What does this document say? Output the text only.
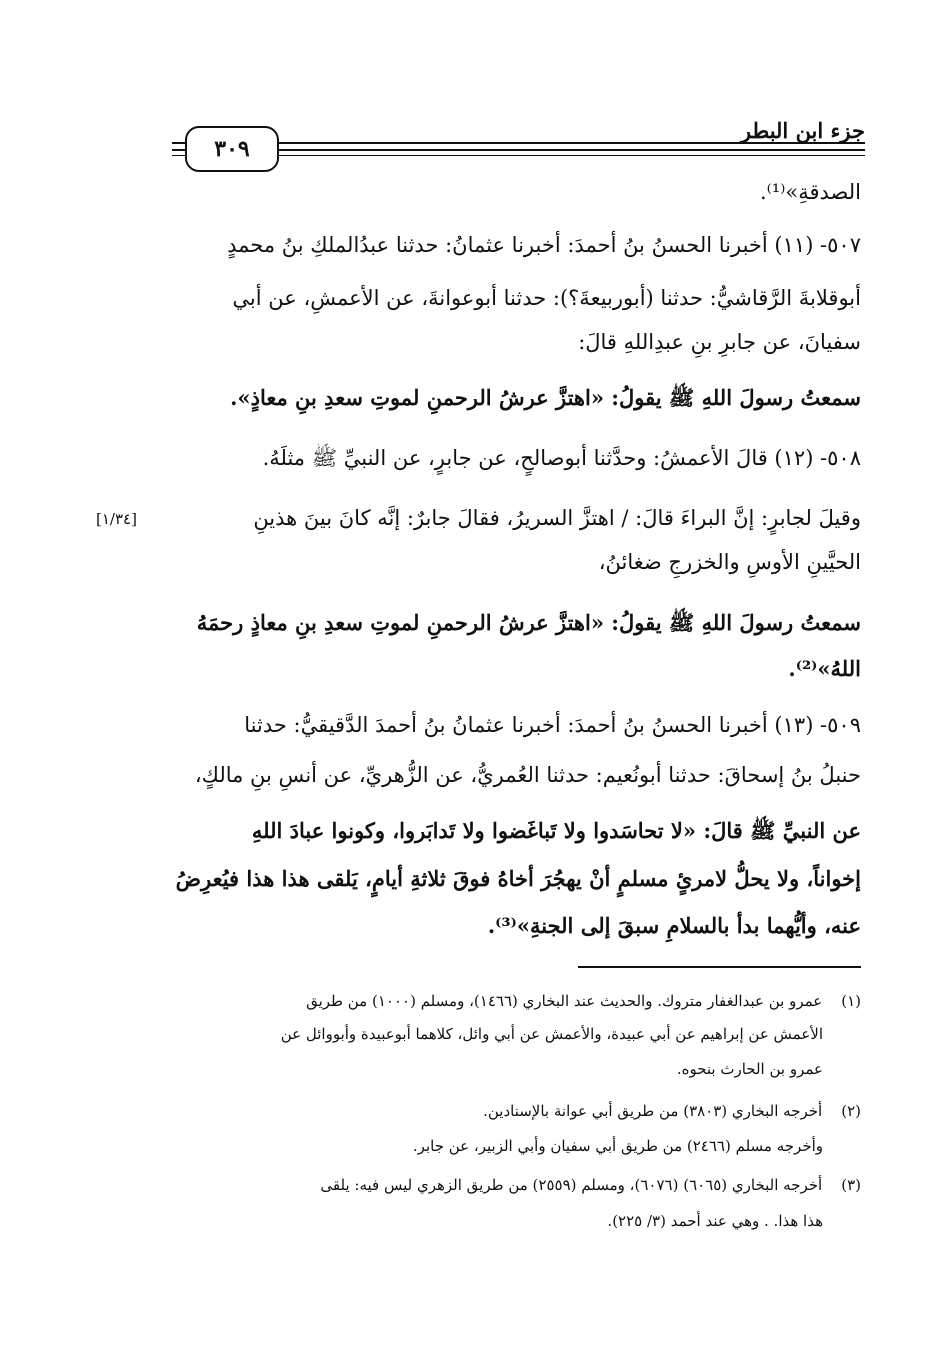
جزء ابن البطر
٣٠٩
الصدقةِ»⁽¹⁾.
٥٠٧- (١١) أخبرنا الحسنُ بنُ أحمدَ: أخبرنا عثمانُ: حدثنا عبدُالملكِ بنُ محمدٍ
أبوقلابةَ الرَّقاشيُّ: حدثنا (أبوربيعةَ؟): حدثنا أبوعوانةَ، عن الأعمشِ، عن أبي
سفيانَ، عن جابرِ بنِ عبدِاللهِ قالَ:
سمعتُ رسولَ اللهِ ﷺ يقولُ: «اهتزَّ عرشُ الرحمنِ لموتِ سعدِ بنِ معاذٍ».
٥٠٨- (١٢) قالَ الأعمشُ: وحدَّثنا أبوصالحٍ، عن جابرٍ، عن النبيِّ ﷺ مثلَهُ.
وقيلَ لجابرٍ: إنَّ البراءَ قالَ: / اهتزَّ السريرُ، فقالَ جابرٌ: إنَّه كانَ بينَ هذينِ
الحيَّينِ الأوسِ والخزرجِ ضغائنُ،
سمعتُ رسولَ اللهِ ﷺ يقولُ: «اهتزَّ عرشُ الرحمنِ لموتِ سعدِ بنِ معاذٍ رحمَهُ
اللهُ»⁽²⁾.
٥٠٩- (١٣) أخبرنا الحسنُ بنُ أحمدَ: أخبرنا عثمانُ بنُ أحمدَ الدَّقيقيُّ: حدثنا
حنبلُ بنُ إسحاقَ: حدثنا أبونُعيم: حدثنا العُمريُّ، عن الزُّهريِّ، عن أنسِ بنِ مالكٍ،
عن النبيِّ ﷺ قالَ: «لا تحاسَدوا ولا تَباغَضوا ولا تَدابَروا، وكونوا عبادَ اللهِ
إخواناً، ولا يحلُّ لامرئٍ مسلمٍ أنْ يهجُرَ أخاهُ فوقَ ثلاثةِ أيامٍ، يَلقى هذا هذا فيُعرِضُ
عنه، وأيُّهما بدأ بالسلامِ سبقَ إلى الجنةِ»⁽³⁾.
[١/٣٤]
(١) عمرو بن عبدالغفار متروك. والحديث عند البخاري (١٤٦٦)، ومسلم (١٠٠٠) من طريق
الأعمش عن إبراهيم عن أبي عبيدة، والأعمش عن أبي وائل، كلاهما أبوعبيدة وأبووائل عن
عمرو بن الحارث بنحوه.
(٢) أخرجه البخاري (٣٨٠٣) من طريق أبي عوانة بالإسنادين.
وأخرجه مسلم (٢٤٦٦) من طريق أبي سفيان وأبي الزبير، عن جابر.
(٣) أخرجه البخاري (٦٠٦٥) (٦٠٧٦)، ومسلم (٢٥٥٩) من طريق الزهري ليس فيه: يلقى
هذا هذا. . وهي عند أحمد (٣/ ٢٢٥).
